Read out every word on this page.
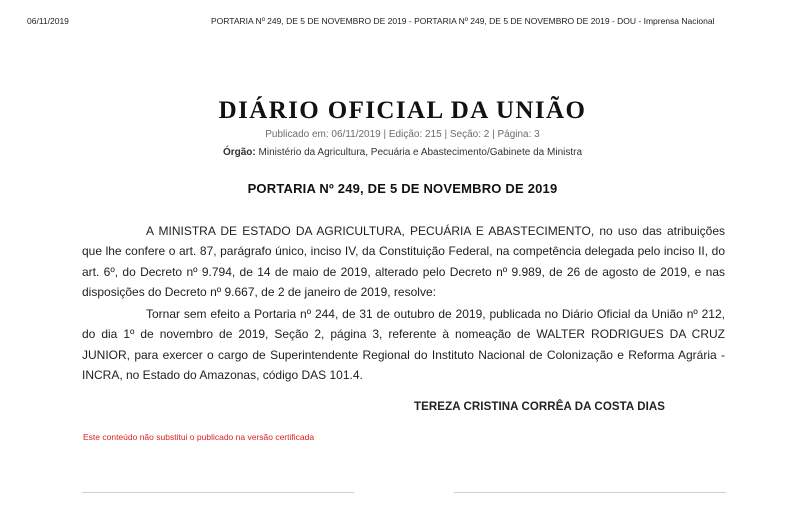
06/11/2019	PORTARIA Nº 249, DE 5 DE NOVEMBRO DE 2019 - PORTARIA Nº 249, DE 5 DE NOVEMBRO DE 2019 - DOU - Imprensa Nacional
DIÁRIO OFICIAL DA UNIÃO
Publicado em: 06/11/2019 | Edição: 215 | Seção: 2 | Página: 3
Órgão: Ministério da Agricultura, Pecuária e Abastecimento/Gabinete da Ministra
PORTARIA Nº 249, DE 5 DE NOVEMBRO DE 2019

A MINISTRA DE ESTADO DA AGRICULTURA, PECUÁRIA E ABASTECIMENTO, no uso das atribuições que lhe confere o art. 87, parágrafo único, inciso IV, da Constituição Federal, na competência delegada pelo inciso II, do art. 6º, do Decreto nº 9.794, de 14 de maio de 2019, alterado pelo Decreto nº 9.989, de 26 de agosto de 2019, e nas disposições do Decreto nº 9.667, de 2 de janeiro de 2019, resolve:

Tornar sem efeito a Portaria nº 244, de 31 de outubro de 2019, publicada no Diário Oficial da União nº 212, do dia 1º de novembro de 2019, Seção 2, página 3, referente à nomeação de WALTER RODRIGUES DA CRUZ JUNIOR, para exercer o cargo de Superintendente Regional do Instituto Nacional de Colonização e Reforma Agrária - INCRA, no Estado do Amazonas, código DAS 101.4.

TEREZA CRISTINA CORRÊA DA COSTA DIAS
Este conteúdo não substitui o publicado na versão certificada
